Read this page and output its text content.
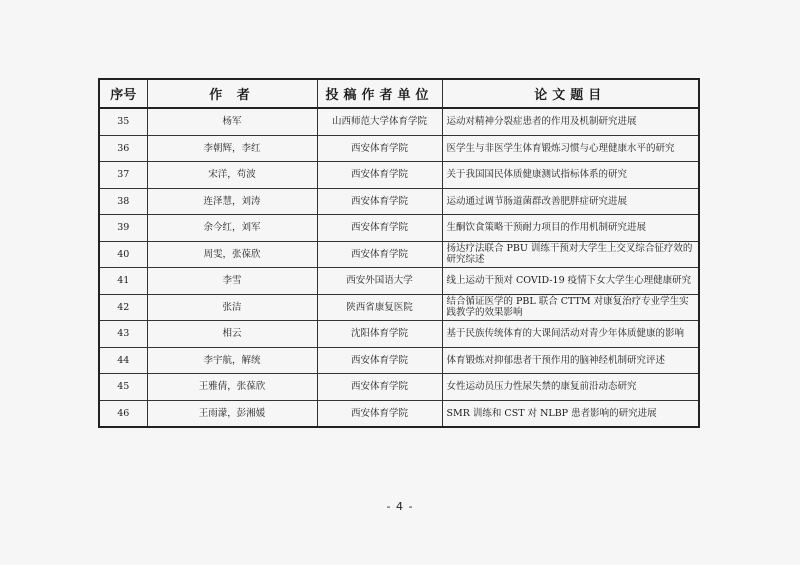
序号	作 者	投稿作者单位	论文题目
35	杨军	山西师范大学体育学院	运动对精神分裂症患者的作用及机制研究进展
36	李朝辉，李红	西安体育学院	医学生与非医学生体育锻炼习惯与心理健康水平的研究
37	宋洋，苟波	西安体育学院	关于我国国民体质健康测试指标体系的研究
38	连泽慧，刘涛	西安体育学院	运动通过调节肠道菌群改善肥胖症研究进展
39	余今红，刘军	西安体育学院	生酮饮食策略干预耐力项目的作用机制研究进展
40	周雯，张葆欣	西安体育学院	扬达疗法联合 PBU 训练干预对大学生上交叉综合征疗效的研究综述
41	李雪	西安外国语大学	线上运动干预对 COVID-19 疫情下女大学生心理健康研究
42	张洁	陕西省康复医院	结合循证医学的 PBL 联合 CTTM 对康复治疗专业学生实践教学的效果影响
43	相云	沈阳体育学院	基于民族传统体育的大课间活动对青少年体质健康的影响
44	李宇航，解统	西安体育学院	体育锻炼对抑郁患者干预作用的脑神经机制研究评述
45	王雅倩，张葆欣	西安体育学院	女性运动员压力性尿失禁的康复前沿动态研究
46	王雨濛，彭湘媛	西安体育学院	SMR 训练和 CST 对 NLBP 患者影响的研究进展
- 4 -
